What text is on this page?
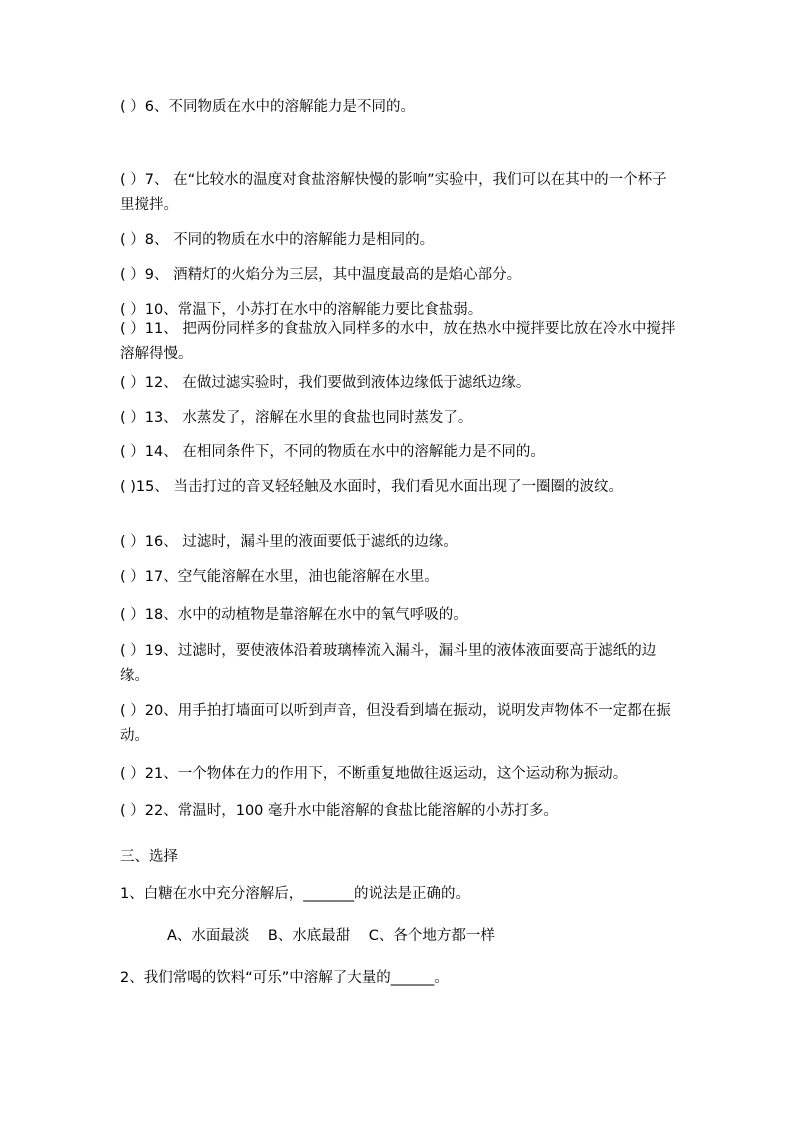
( ）6、不同物质在水中的溶解能力是不同的。
( ）7、 在“比较水的温度对食盐溶解快慢的影响”实验中，我们可以在其中的一个杯子里搅拌。
( ）8、 不同的物质在水中的溶解能力是相同的。
( ）9、 酒精灯的火焰分为三层，其中温度最高的是焰心部分。
( ）10、常温下，小苏打在水中的溶解能力要比食盐弱。
( ）11、 把两份同样多的食盐放入同样多的水中，放在热水中搅拌要比放在冷水中搅拌溶解得慢。
( ）12、 在做过滤实验时，我们要做到液体边缘低于滤纸边缘。
( ）13、 水蒸发了，溶解在水里的食盐也同时蒸发了。
( ）14、 在相同条件下，不同的物质在水中的溶解能力是不同的。
( )15、 当击打过的音叉轻轻触及水面时，我们看见水面出现了一圈圈的波纹。
( ）16、 过滤时，漏斗里的液面要低于滤纸的边缘。
( ）17、空气能溶解在水里，油也能溶解在水里。
( ）18、水中的动植物是靠溶解在水中的氧气呼吸的。
( ）19、过滤时，要使液体沿着玻璃棒流入漏斗，漏斗里的液体液面要高于滤纸的边缘。
( ）20、用手拍打墙面可以听到声音，但没看到墙在振动，说明发声物体不一定都在振动。
( ）21、一个物体在力的作用下，不断重复地做往返运动，这个运动称为振动。
( ）22、常温时，100 毫升水中能溶解的食盐比能溶解的小苏打多。
三、选择
1、白糖在水中充分溶解后，_______的说法是正确的。
A、水面最淡    B、水底最甜    C、各个地方都一样
2、我们常喝的饮料“可乐”中溶解了大量的______。
